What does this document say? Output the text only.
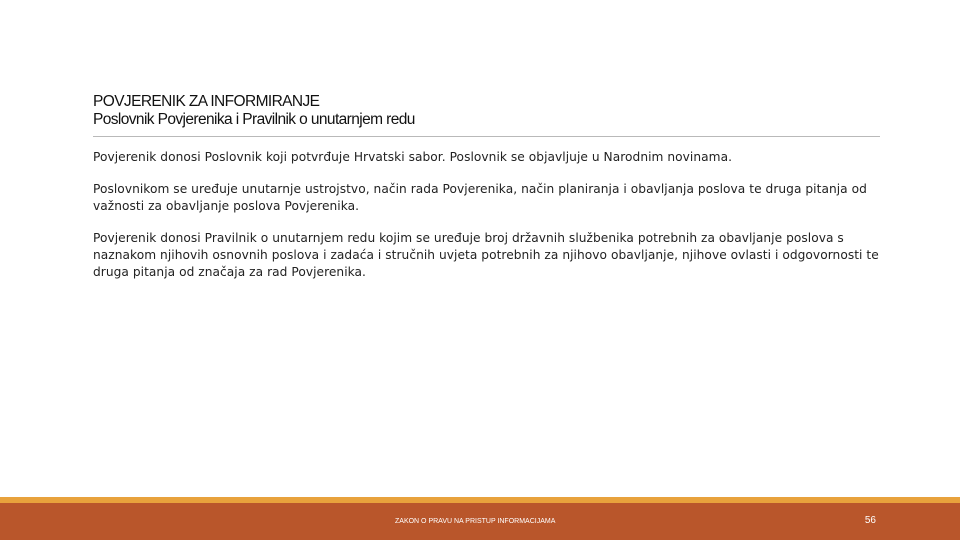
POVJERENIK ZA INFORMIRANJE
Poslovnik Povjerenika i Pravilnik o unutarnjem redu

Povjerenik donosi Poslovnik koji potvrđuje Hrvatski sabor. Poslovnik se objavljuje u Narodnim novinama.

Poslovnikom se uređuje unutarnje ustrojstvo, način rada Povjerenika, način planiranja i obavljanja poslova te druga pitanja od važnosti za obavljanje poslova Povjerenika.

Povjerenik donosi Pravilnik o unutarnjem redu kojim se uređuje broj državnih službenika potrebnih za obavljanje poslova s naznakom njihovih osnovnih poslova i zadaća i stručnih uvjeta potrebnih za njihovo obavljanje, njihove ovlasti i odgovornosti te druga pitanja od značaja za rad Povjerenika.

ZAKON O PRAVU NA PRISTUP INFORMACIJAMA	56
